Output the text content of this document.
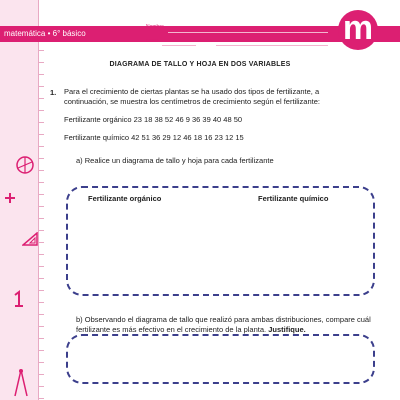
matemática • 6° básico
Nombre
curso	fecha	m
DIAGRAMA DE TALLO Y HOJA EN DOS VARIABLES
1. Para el crecimiento de ciertas plantas se ha usado dos tipos de fertilizante, a continuación, se muestra los centímetros de crecimiento según el fertilizante:
Fertilizante orgánico 23 18 38 52 46 9 36 39 40 48 50
Fertilizante químico 42 51 36 29 12 46 18 16 23 12 15
a) Realice un diagrama de tallo y hoja para cada fertilizante
Fertilizante orgánico	Fertilizante químico
b) Observando el diagrama de tallo que realizó para ambas distribuciones, compare cuál fertilizante es más efectivo en el crecimiento de la planta. Justifique.
